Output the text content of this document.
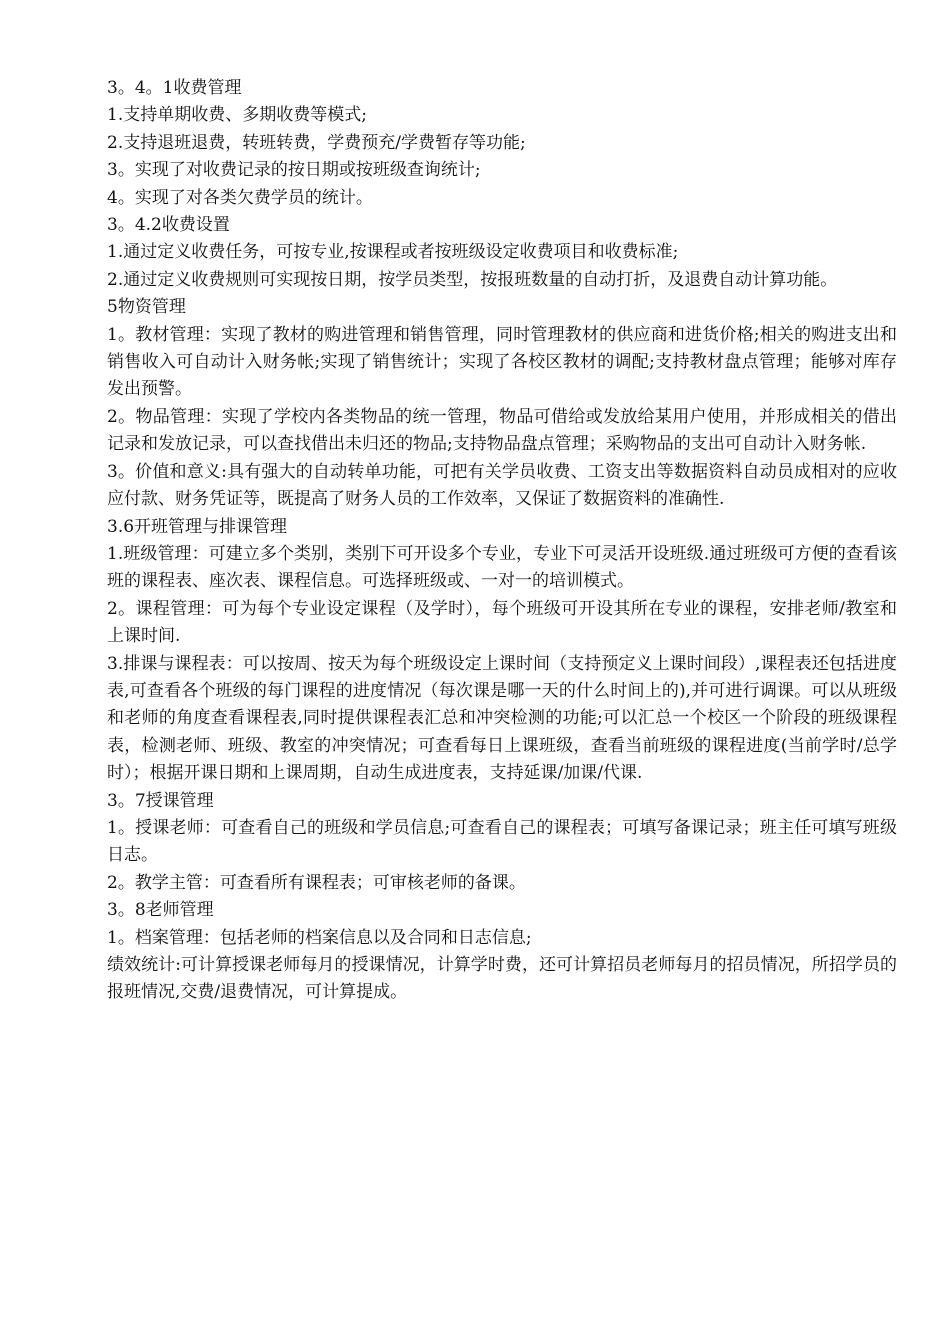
3。4。1收费管理

1.支持单期收费、多期收费等模式;

2.支持退班退费，转班转费，学费预充/学费暂存等功能;

3。实现了对收费记录的按日期或按班级查询统计;

4。实现了对各类欠费学员的统计。

3。4.2收费设置

1.通过定义收费任务，可按专业,按课程或者按班级设定收费项目和收费标准;

2.通过定义收费规则可实现按日期，按学员类型，按报班数量的自动打折，及退费自动计算功能。

5物资管理

1。教材管理：实现了教材的购进管理和销售管理，同时管理教材的供应商和进货价格;相关的购进支出和销售收入可自动计入财务帐;实现了销售统计；实现了各校区教材的调配;支持教材盘点管理；能够对库存发出预警。

2。物品管理：实现了学校内各类物品的统一管理，物品可借给或发放给某用户使用，并形成相关的借出记录和发放记录，可以查找借出未归还的物品;支持物品盘点管理；采购物品的支出可自动计入财务帐.

3。价值和意义:具有强大的自动转单功能，可把有关学员收费、工资支出等数据资料自动员成相对的应收应付款、财务凭证等，既提高了财务人员的工作效率，又保证了数据资料的准确性.

3.6开班管理与排课管理

1.班级管理：可建立多个类别，类别下可开设多个专业，专业下可灵活开设班级.通过班级可方便的查看该班的课程表、座次表、课程信息。可选择班级或、一对一的培训模式。

2。课程管理：可为每个专业设定课程（及学时），每个班级可开设其所在专业的课程，安排老师/教室和上课时间.

3.排课与课程表：可以按周、按天为每个班级设定上课时间（支持预定义上课时间段）,课程表还包括进度表,可查看各个班级的每门课程的进度情况（每次课是哪一天的什么时间上的),并可进行调课。可以从班级和老师的角度查看课程表,同时提供课程表汇总和冲突检测的功能;可以汇总一个校区一个阶段的班级课程表，检测老师、班级、教室的冲突情况；可查看每日上课班级，查看当前班级的课程进度(当前学时/总学时）；根据开课日期和上课周期，自动生成进度表，支持延课/加课/代课.

3。7授课管理

1。授课老师：可查看自己的班级和学员信息;可查看自己的课程表；可填写备课记录；班主任可填写班级日志。

2。教学主管：可查看所有课程表；可审核老师的备课。

3。8老师管理

1。档案管理：包括老师的档案信息以及合同和日志信息;

绩效统计:可计算授课老师每月的授课情况，计算学时费，还可计算招员老师每月的招员情况，所招学员的报班情况,交费/退费情况，可计算提成。
